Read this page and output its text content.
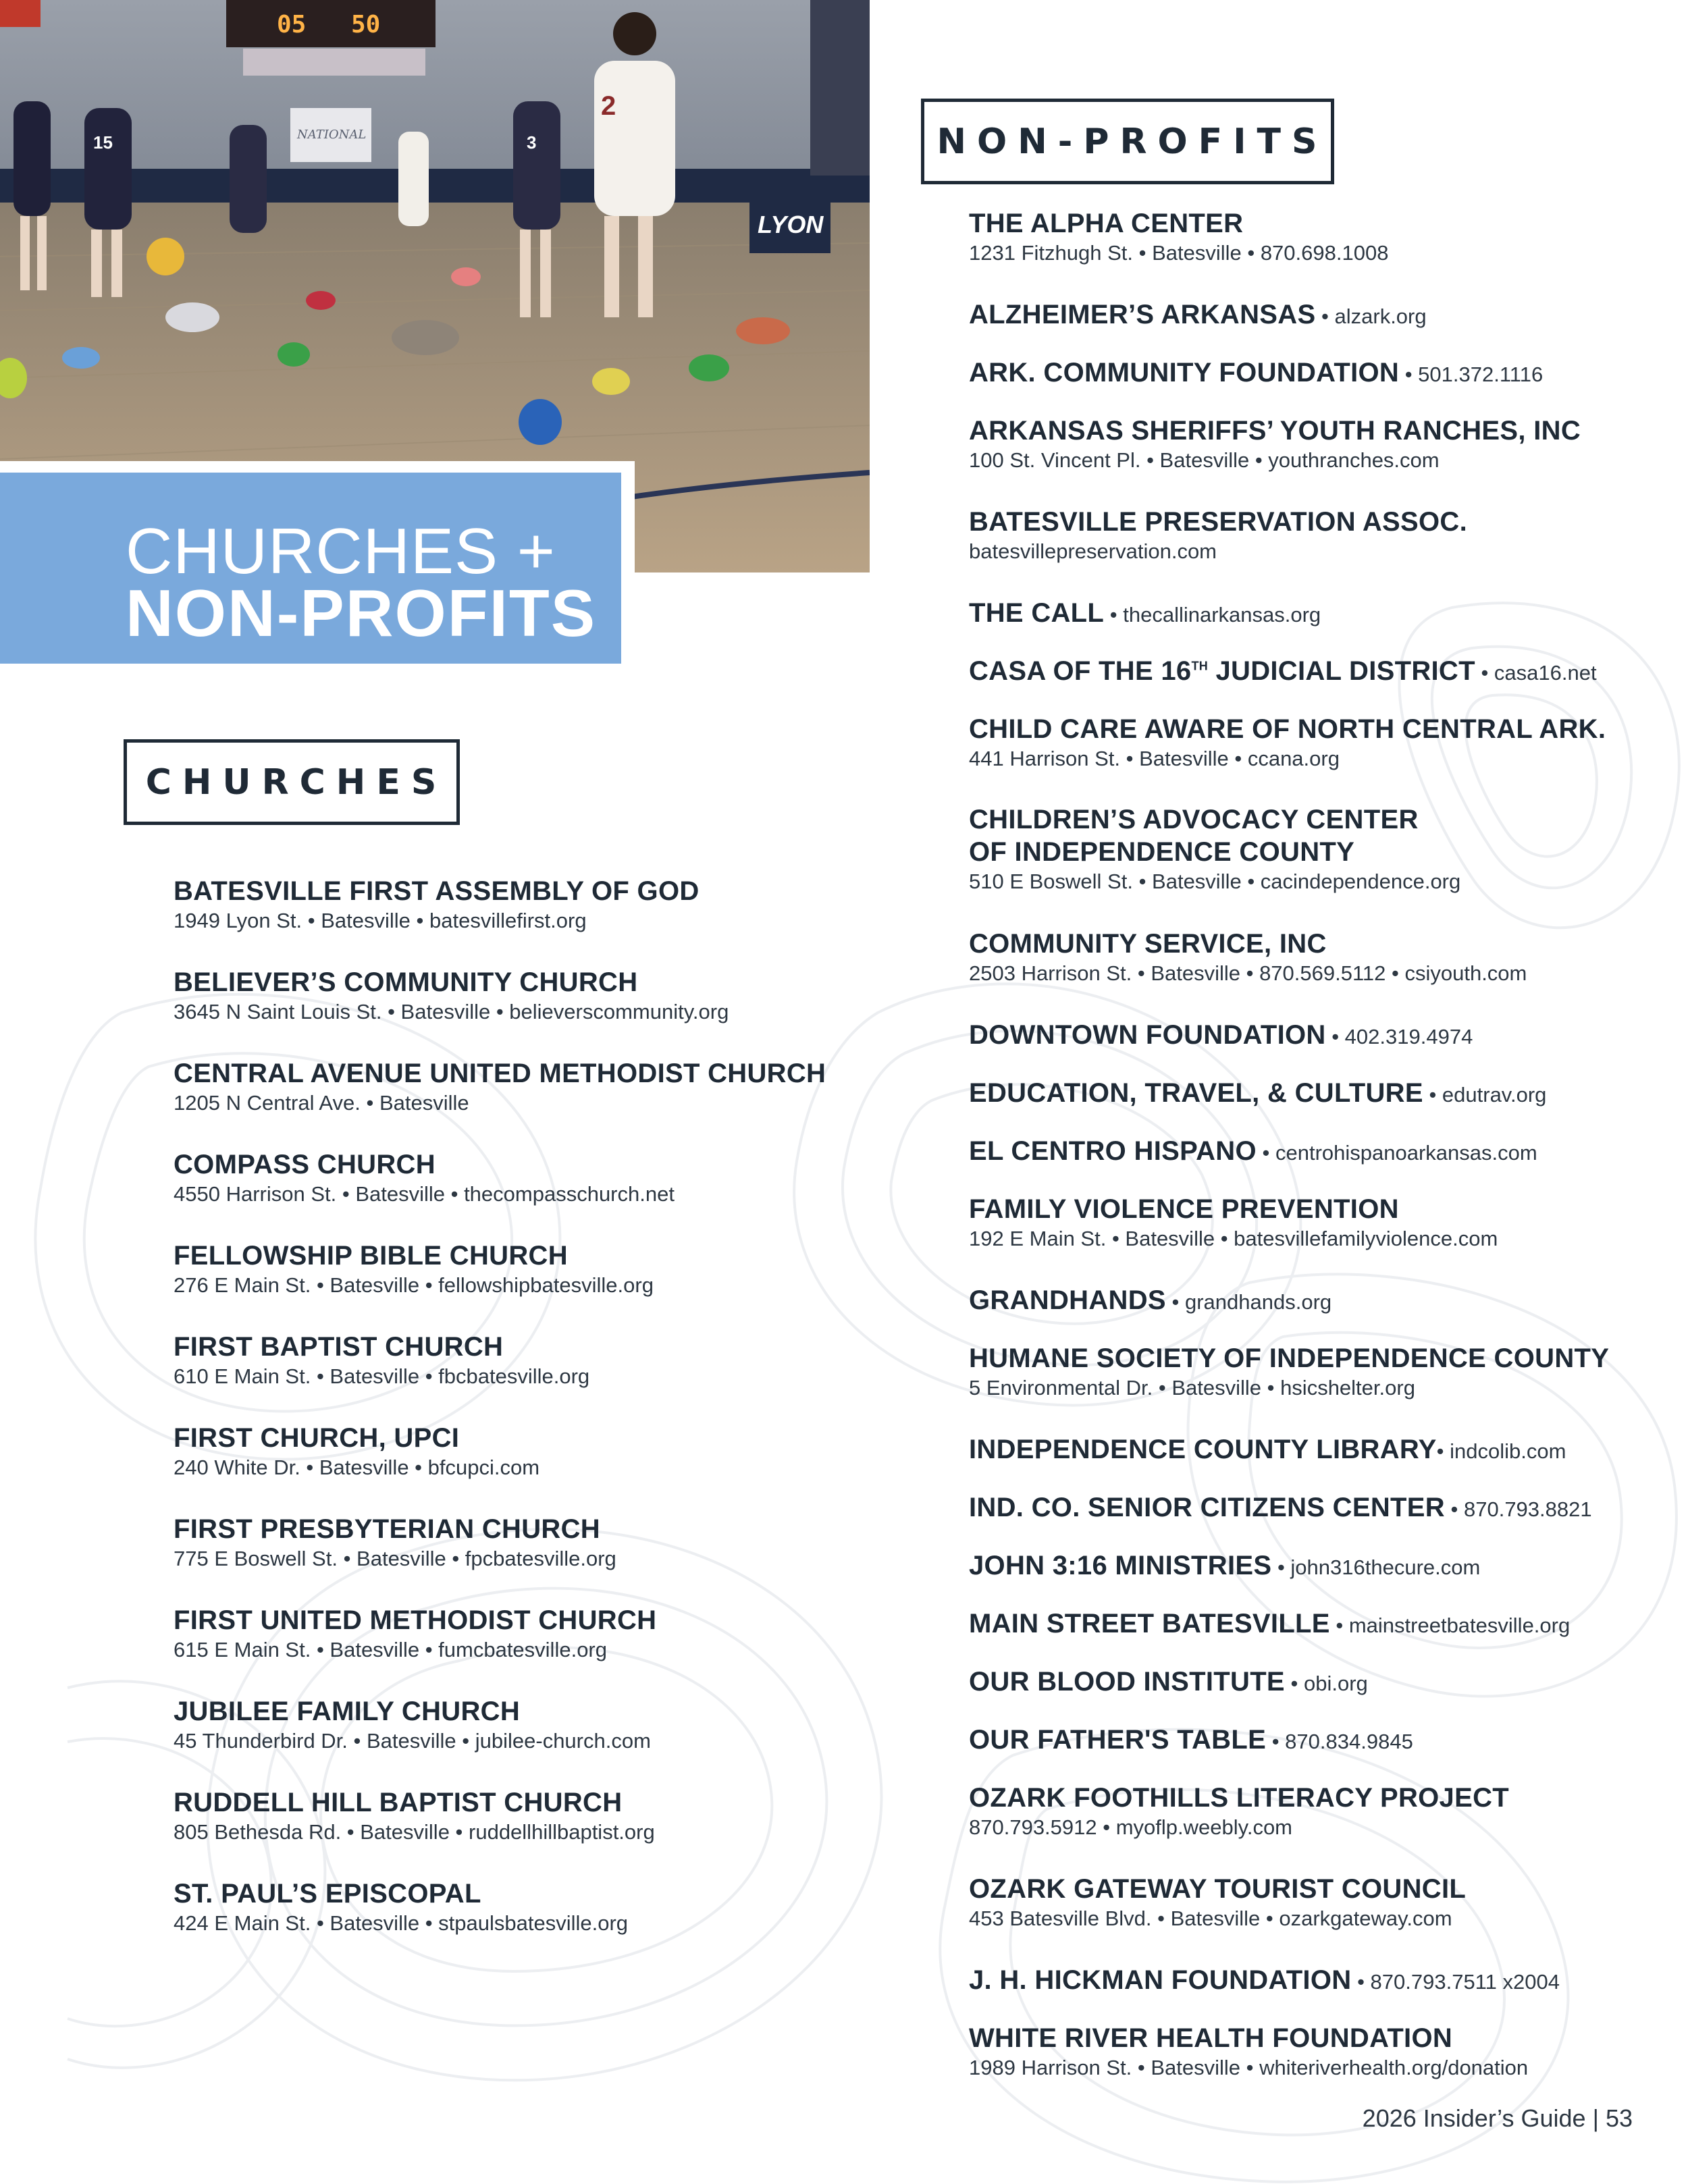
05 50
NATIONAL
LYON
15	3
2
CHURCHES +
NON-PROFITS
CHURCHES
NON-PROFITS
BATESVILLE FIRST ASSEMBLY OF GOD
1949 Lyon St. • Batesville • batesvillefirst.org
BELIEVER’S COMMUNITY CHURCH
3645 N Saint Louis St. • Batesville • believerscommunity.org
CENTRAL AVENUE UNITED METHODIST CHURCH
1205 N Central Ave. • Batesville
COMPASS CHURCH
4550 Harrison St. • Batesville • thecompasschurch.net
FELLOWSHIP BIBLE CHURCH
276 E Main St. • Batesville • fellowshipbatesville.org
FIRST BAPTIST CHURCH
610 E Main St. • Batesville • fbcbatesville.org
FIRST CHURCH, UPCI
240 White Dr. • Batesville • bfcupci.com
FIRST PRESBYTERIAN CHURCH
775 E Boswell St. • Batesville • fpcbatesville.org
FIRST UNITED METHODIST CHURCH
615 E Main St. • Batesville • fumcbatesville.org
JUBILEE FAMILY CHURCH
45 Thunderbird Dr. • Batesville • jubilee-church.com
RUDDELL HILL BAPTIST CHURCH
805 Bethesda Rd. • Batesville • ruddellhillbaptist.org
ST. PAUL’S EPISCOPAL
424 E Main St. • Batesville • stpaulsbatesville.org
THE ALPHA CENTER
1231 Fitzhugh St. • Batesville • 870.698.1008
ALZHEIMER’S ARKANSAS • alzark.org
ARK. COMMUNITY FOUNDATION • 501.372.1116
ARKANSAS SHERIFFS’ YOUTH RANCHES, INC
100 St. Vincent Pl. • Batesville • youthranches.com
BATESVILLE PRESERVATION ASSOC.
batesvillepreservation.com
THE CALL • thecallinarkansas.org
CASA OF THE 16TH JUDICIAL DISTRICT • casa16.net
CHILD CARE AWARE OF NORTH CENTRAL ARK.
441 Harrison St. • Batesville • ccana.org
CHILDREN’S ADVOCACY CENTER
OF INDEPENDENCE COUNTY
510 E Boswell St. • Batesville • cacindependence.org
COMMUNITY SERVICE, INC
2503 Harrison St. • Batesville • 870.569.5112 • csiyouth.com
DOWNTOWN FOUNDATION • 402.319.4974
EDUCATION, TRAVEL, & CULTURE • edutrav.org
EL CENTRO HISPANO • centrohispanoarkansas.com
FAMILY VIOLENCE PREVENTION
192 E Main St. • Batesville • batesvillefamilyviolence.com
GRANDHANDS • grandhands.org
HUMANE SOCIETY OF INDEPENDENCE COUNTY
5 Environmental Dr. • Batesville • hsicshelter.org
INDEPENDENCE COUNTY LIBRARY• indcolib.com
IND. CO. SENIOR CITIZENS CENTER • 870.793.8821
JOHN 3:16 MINISTRIES • john316thecure.com
MAIN STREET BATESVILLE • mainstreetbatesville.org
OUR BLOOD INSTITUTE • obi.org
OUR FATHER'S TABLE • 870.834.9845
OZARK FOOTHILLS LITERACY PROJECT
870.793.5912 • myoflp.weebly.com
OZARK GATEWAY TOURIST COUNCIL
453 Batesville Blvd. • Batesville • ozarkgateway.com
J. H. HICKMAN FOUNDATION • 870.793.7511 x2004
WHITE RIVER HEALTH FOUNDATION
1989 Harrison St. • Batesville • whiteriverhealth.org/donation
2026 Insider’s Guide | 53
